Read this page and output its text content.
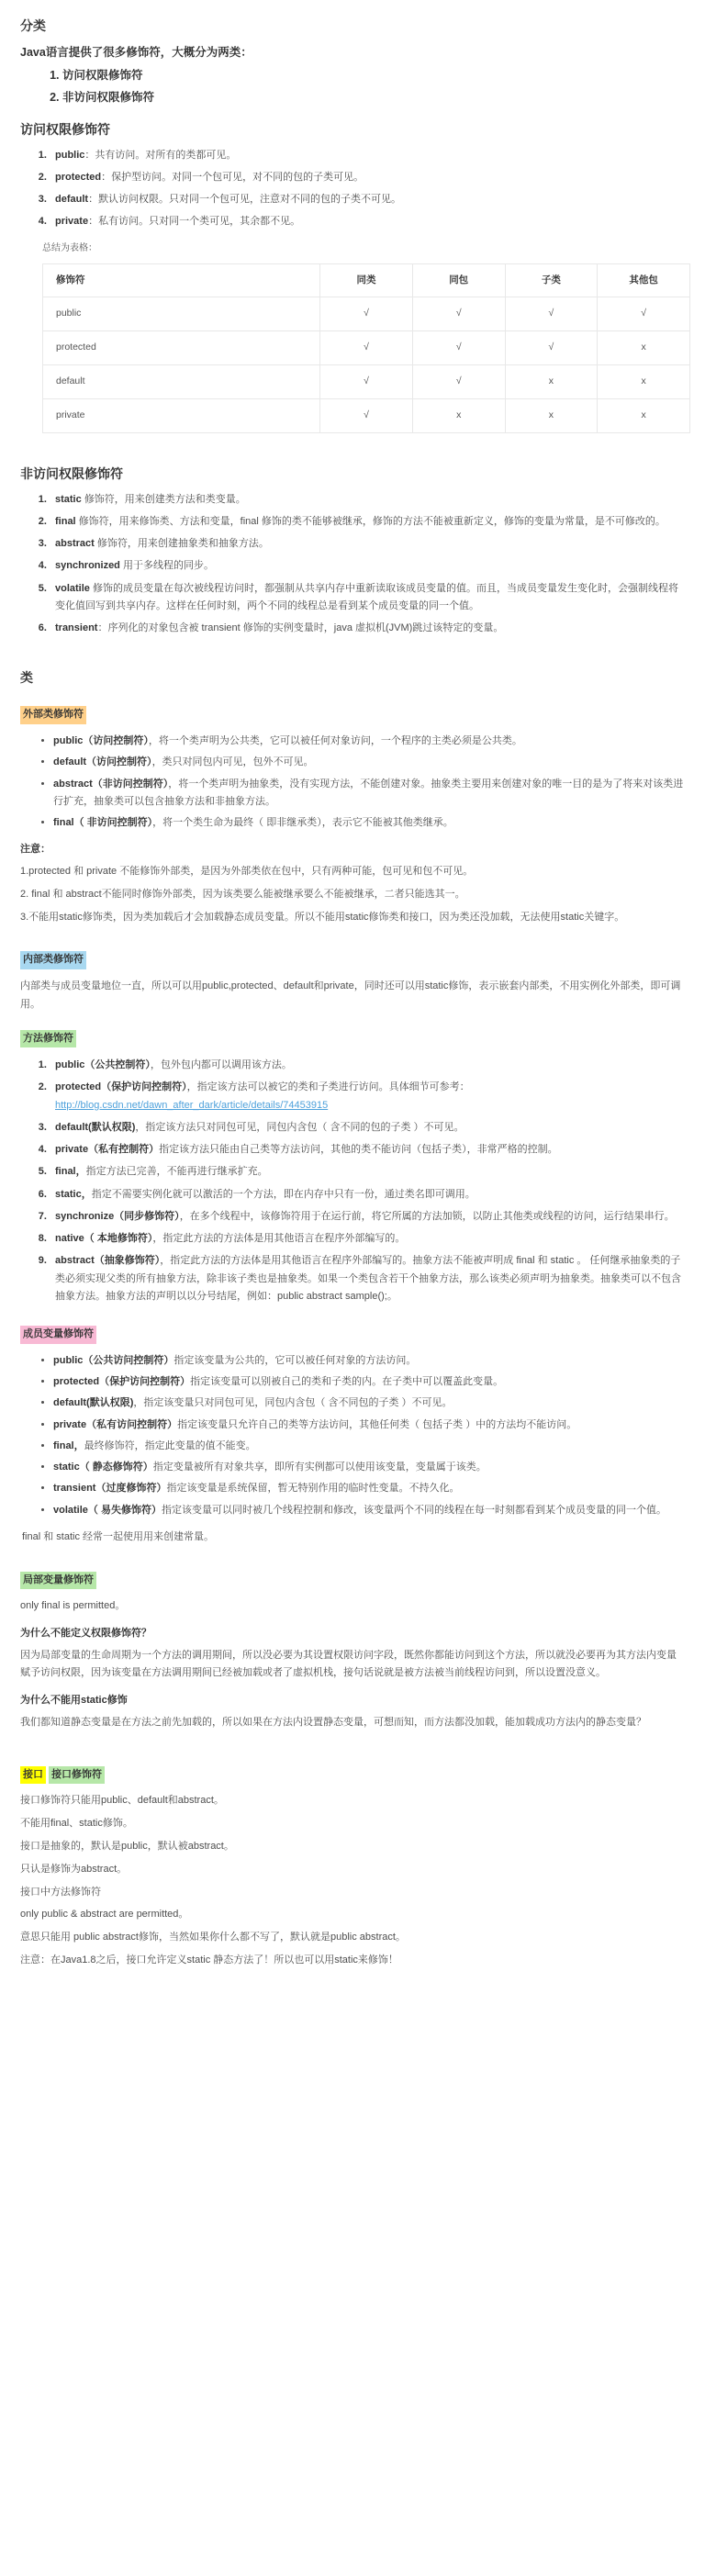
分类

Java语言提供了很多修饰符，大概分为两类：

1. 访问权限修饰符
2. 非访问权限修饰符
访问权限修饰符
1. public：共有访问。对所有的类都可见。
2. protected：保护型访问。对同一个包可见，对不同的包的子类可见。
3. default：默认访问权限。只对同一个包可见，注意对不同的包的子类不可见。
4. private：私有访问。只对同一个类可见，其余都不见。
总结为表格：
修饰符	同类	同包	子类	其他包
public	√	√	√	√
protected	√	√	√	x
default	√	√	x	x
private	√	x	x	x
非访问权限修饰符
1. static 修饰符，用来创建类方法和类变量。
2. final 修饰符，用来修饰类、方法和变量，final 修饰的类不能够被继承，修饰的方法不能被重新定义，修饰的变量为常量，是不可修改的。
3. abstract 修饰符，用来创建抽象类和抽象方法。
4. synchronized 用于多线程的同步。
5. volatile 修饰的成员变量在每次被线程访问时，都强制从共享内存中重新读取该成员变量的值。而且，当成员变量发生变化时，会强制线程将变化值回写到共享内存。这样在任何时刻，两个不同的线程总是看到某个成员变量的同一个值。
6. transient：序列化的对象包含被 transient 修饰的实例变量时，java 虚拟机(JVM)跳过该特定的变量。
类
外部类修饰符
• public（访问控制符），将一个类声明为公共类，它可以被任何对象访问，一个程序的主类必须是公共类。
• default（访问控制符），类只对同包内可见，包外不可见。
• abstract（非访问控制符），将一个类声明为抽象类，没有实现方法，不能创建对象。抽象类主要用来创建对象的唯一目的是为了将来对该类进行扩充，抽象类可以包含抽象方法和非抽象方法。
• final（ 非访问控制符），将一个类生命为最终（ 即非继承类），表示它不能被其他类继承。

注意：

1.protected 和 private 不能修饰外部类，是因为外部类依在包中，只有两种可能，包可见和包不可见。

2. final 和 abstract不能同时修饰外部类，因为该类要么能被继承要么不能被继承，二者只能选其一。

3.不能用static修饰类，因为类加载后才会加载静态成员变量。所以不能用static修饰类和接口，因为类还没加载，无法使用static关键字。

内部类修饰符

内部类与成员变量地位一直，所以可以用public,protected、default和private，同时还可以用static修饰，表示嵌套内部类，不用实例化外部类，即可调用。

方法修饰符
1. public（公共控制符），包外包内都可以调用该方法。
2. protected（保护访问控制符），指定该方法可以被它的类和子类进行访问。具体细节可参考：
http://blog.csdn.net/dawn_after_dark/article/details/74453915
3. default(默认权限)，指定该方法只对同包可见，同包内含包（ 含不同的包的子类 ）不可见。
4. private（私有控制符）指定该方法只能由自己类等方法访问，其他的类不能访问（包括子类），非常严格的控制。
5. final，指定方法已完善，不能再进行继承扩充。
6. static，指定不需要实例化就可以激活的一个方法，即在内存中只有一份，通过类名即可调用。
7. synchronize（同步修饰符），在多个线程中，该修饰符用于在运行前，将它所属的方法加锁，以防止其他类或线程的访问，运行结果串行。
8. native（ 本地修饰符），指定此方法的方法体是用其他语言在程序外部编写的。
9. abstract（抽象修饰符），指定此方法的方法体是用其他语言在程序外部编写的。抽象方法不能被声明成 final 和 static 。 任何继承抽象类的子类必须实现父类的所有抽象方法，除非该子类也是抽象类。如果一个类包含若干个抽象方法，那么该类必须声明为抽象类。抽象类可以不包含抽象方法。抽象方法的声明以以分号结尾，例如：public abstract sample();。
成员变量修饰符
• public（公共访问控制符）指定该变量为公共的，它可以被任何对象的方法访问。
• protected（保护访问控制符）指定该变量可以别被自己的类和子类的内。在子类中可以覆盖此变量。
• default(默认权限)，指定该变量只对同包可见，同包内含包（ 含不同包的子类 ）不可见。
• private（私有访问控制符）指定该变量只允许自己的类等方法访问，其他任何类（ 包括子类 ）中的方法均不能访问。
• final，最终修饰符，指定此变量的值不能变。
• static（ 静态修饰符）指定变量被所有对象共享，即所有实例都可以使用该变量，变量属于该类。
• transient（过度修饰符）指定该变量是系统保留，暂无特别作用的临时性变量。不持久化。
• volatile（ 易失修饰符）指定该变量可以同时被几个线程控制和修改，该变量两个不同的线程在每一时刻都看到某个成员变量的同一个值。

final 和 static 经常一起使用用来创建常量。

局部变量修饰符

only final is permitted。

为什么不能定义权限修饰符？

因为局部变量的生命周期为一个方法的调用期间，所以没必要为其设置权限访问字段，既然你都能访问到这个方法，所以就没必要再为其方法内变量赋予访问权限，因为该变量在方法调用期间已经被加载或者了虚拟机栈，接句话说就是被方法被当前线程访问到，所以设置没意义。

为什么不能用static修饰

我们都知道静态变量是在方法之前先加载的，所以如果在方法内设置静态变量，可想而知，而方法都没加载，能加载成功方法内的静态变量？

接口 接口修饰符

接口修饰符只能用public、default和abstract。

不能用final、static修饰。

接口是抽象的，默认是public，默认被abstract。

只认是修饰为abstract。

接口中方法修饰符

only public & abstract are permitted。

意思只能用 public abstract修饰，当然如果你什么都不写了，默认就是public abstract。

注意：在Java1.8之后，接口允许定义static 静态方法了！所以也可以用static来修饰！
